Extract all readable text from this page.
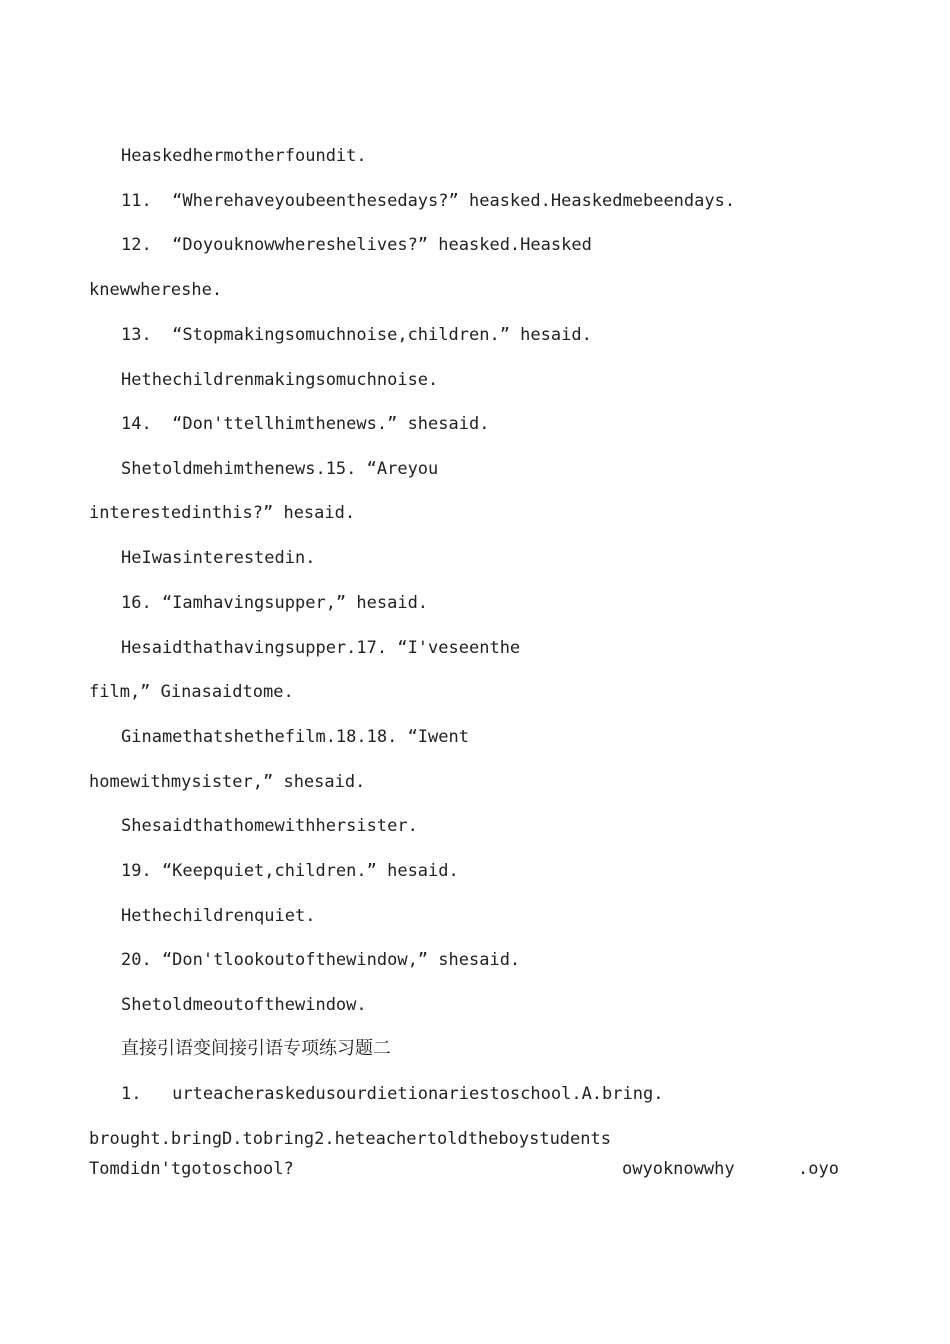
Heaskedhermotherfoundit.
11.  “Wherehaveyoubeenthesedays?” heasked.Heaskedmebeendays.
12.  “Doyouknowwhereshelives?” heasked.Heasked
knewwhereshe.
13.  “Stopmakingsomuchnoise,children.” hesaid.
Hethechildrenmakingsomuchnoise.
14.  “Don'ttellhimthenews.” shesaid.
Shetoldmehimthenews.15. “Areyou
interestedinthis?” hesaid.
HeIwasinterestedin.
16. “Iamhavingsupper,” hesaid.
Hesaidthathavingsupper.17. “I'veseenthe
film,” Ginasaidtome.
Ginamethatshethefilm.18.18. “Iwent
homewithmysister,” shesaid.
Shesaidthathomewithhersister.
19. “Keepquiet,children.” hesaid.
Hethechildrenquiet.
20. “Don'tlookoutofthewindow,” shesaid.
Shetoldmeoutofthewindow.
直接引语变间接引语专项练习题二
1.   urteacheraskedusourdietionariestoschool.A.bring.
brought.bringD.tobring2.heteachertoldtheboystudents
Tomdidn'tgotoschool?	owyoknowwhy	.oyo
